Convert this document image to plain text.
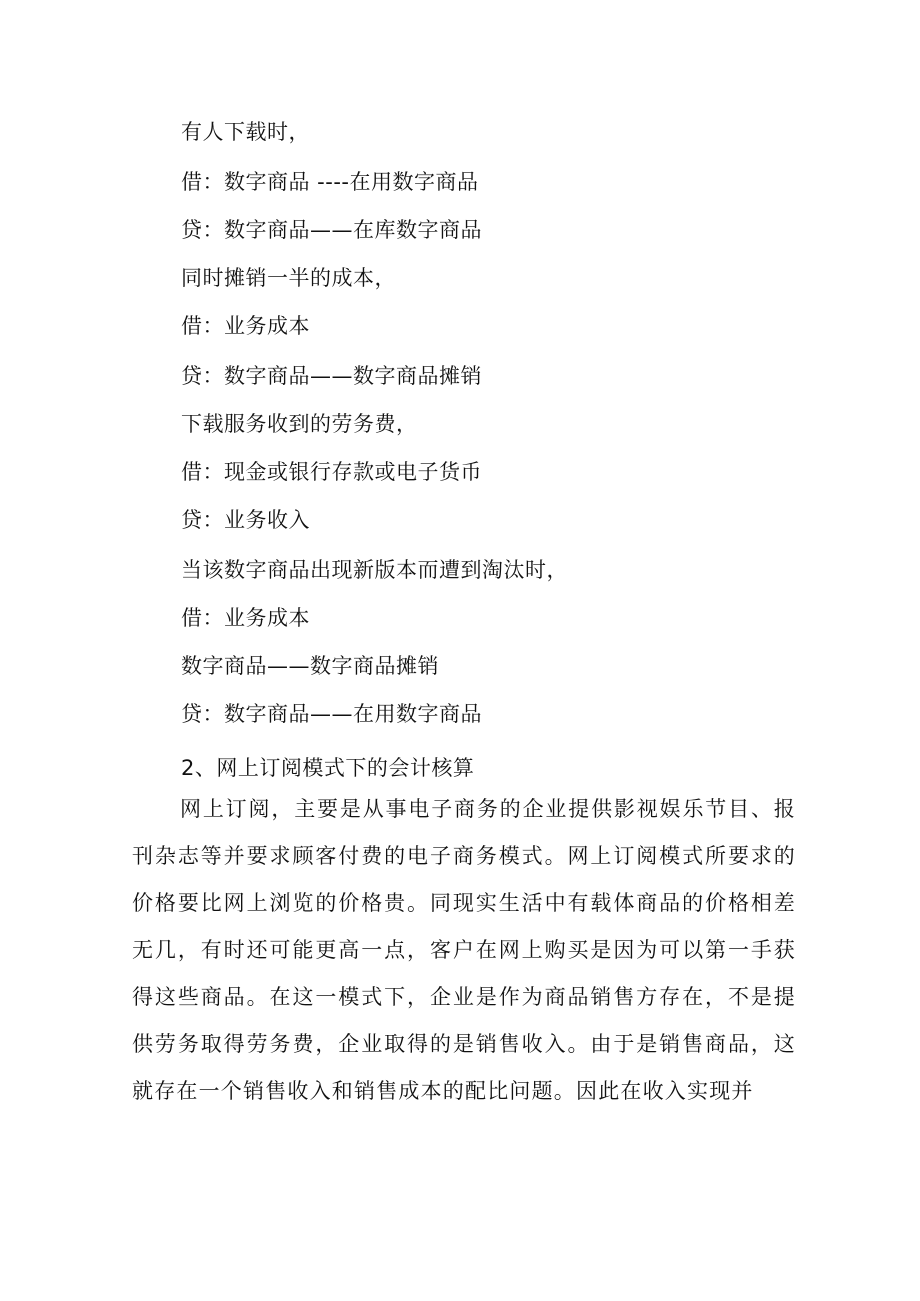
有人下载时，
借：数字商品 ----在用数字商品
贷：数字商品——在库数字商品
同时摊销一半的成本，
借：业务成本
贷：数字商品——数字商品摊销
下载服务收到的劳务费，
借：现金或银行存款或电子货币
贷：业务收入
当该数字商品出现新版本而遭到淘汰时，
借：业务成本
数字商品——数字商品摊销
贷：数字商品——在用数字商品
2、网上订阅模式下的会计核算

网上订阅，主要是从事电子商务的企业提供影视娱乐节目、报刊杂志等并要求顾客付费的电子商务模式。网上订阅模式所要求的价格要比网上浏览的价格贵。同现实生活中有载体商品的价格相差无几，有时还可能更高一点，客户在网上购买是因为可以第一手获得这些商品。在这一模式下，企业是作为商品销售方存在，不是提供劳务取得劳务费，企业取得的是销售收入。由于是销售商品，这就存在一个销售收入和销售成本的配比问题。因此在收入实现并
